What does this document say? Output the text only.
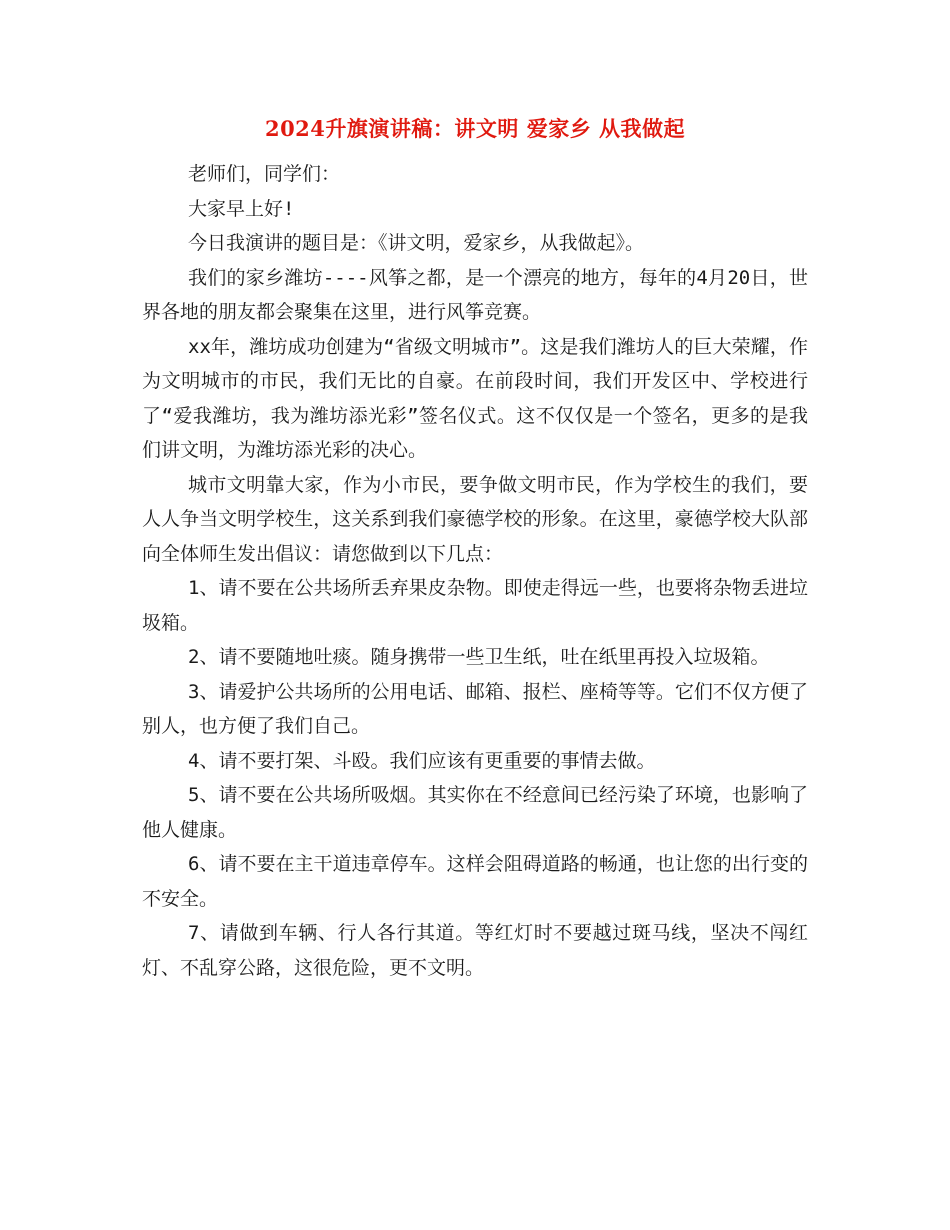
2024升旗演讲稿：讲文明 爱家乡 从我做起

老师们，同学们：

大家早上好!

今日我演讲的题目是：《讲文明，爱家乡，从我做起》。

我们的家乡潍坊----风筝之都，是一个漂亮的地方，每年的4月20日，世界各地的朋友都会聚集在这里，进行风筝竞赛。

xx年，潍坊成功创建为“省级文明城市”。这是我们潍坊人的巨大荣耀，作为文明城市的市民，我们无比的自豪。在前段时间，我们开发区中、学校进行了“爱我潍坊，我为潍坊添光彩”签名仪式。这不仅仅是一个签名，更多的是我们讲文明，为潍坊添光彩的决心。

城市文明靠大家，作为小市民，要争做文明市民，作为学校生的我们，要人人争当文明学校生，这关系到我们豪德学校的形象。在这里，豪德学校大队部向全体师生发出倡议：请您做到以下几点：

1、请不要在公共场所丢弃果皮杂物。即使走得远一些，也要将杂物丢进垃圾箱。

2、请不要随地吐痰。随身携带一些卫生纸，吐在纸里再投入垃圾箱。

3、请爱护公共场所的公用电话、邮箱、报栏、座椅等等。它们不仅方便了别人，也方便了我们自己。

4、请不要打架、斗殴。我们应该有更重要的事情去做。

5、请不要在公共场所吸烟。其实你在不经意间已经污染了环境，也影响了他人健康。

6、请不要在主干道违章停车。这样会阻碍道路的畅通，也让您的出行变的不安全。

7、请做到车辆、行人各行其道。等红灯时不要越过斑马线，坚决不闯红灯、不乱穿公路，这很危险，更不文明。
